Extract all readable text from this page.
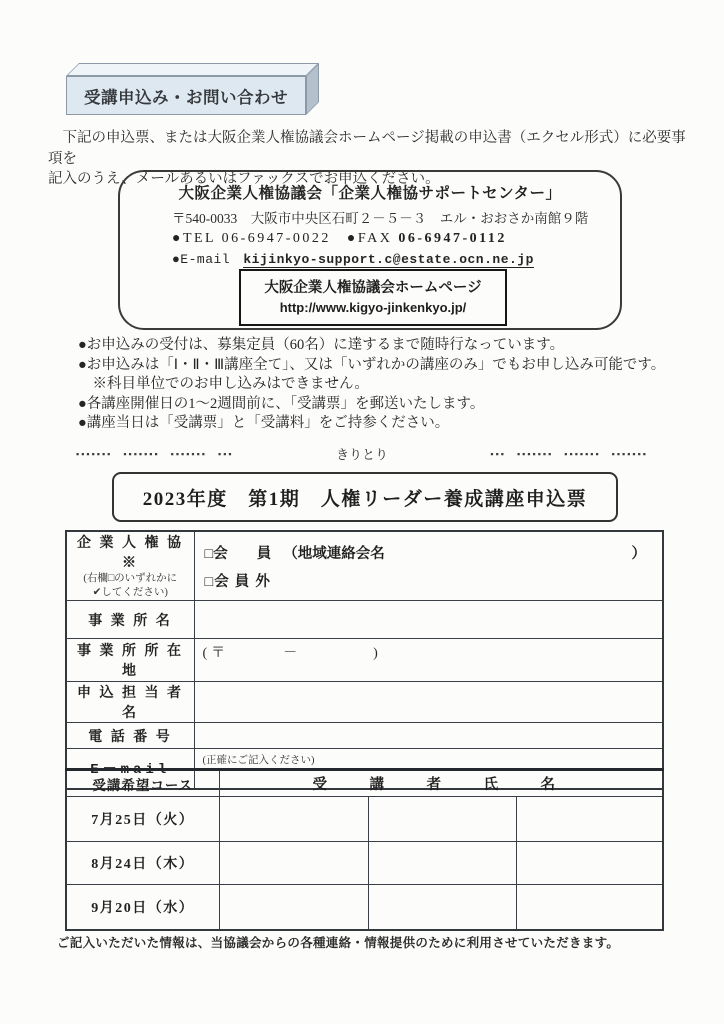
受講申込み・お問い合わせ
下記の申込票、または大阪企業人権協議会ホームページ掲載の申込書（エクセル形式）に必要事項を
記入のうえ、メールあるいはファックスでお申込ください。
大阪企業人権協議会「企業人権協サポートセンター」
〒540-0033　大阪市中央区石町２－５－３　エル・おおさか南館９階
●TEL 06-6947-0022 ●FAX 06-6947-0112
●E-mail kijinkyo-support.c@estate.ocn.ne.jp
大阪企業人権協議会ホームページ
http://www.kigyo-jinkenkyo.jp/
●お申込みの受付は、募集定員（60名）に達するまで随時行なっています。
●お申込みは「Ⅰ・Ⅱ・Ⅲ講座全て」、又は「いずれかの講座のみ」でもお申し込み可能です。
※科目単位でのお申し込みはできません。
●各講座開催日の1～2週間前に、「受講票」を郵送いたします。
●講座当日は「受講票」と「受講料」をご持参ください。
▪▪▪▪▪▪▪　▪▪▪▪▪▪▪　▪▪▪▪▪▪▪　▪▪▪	きりとり	▪▪▪　▪▪▪▪▪▪▪　▪▪▪▪▪▪▪　▪▪▪▪▪▪▪
2023年度　第1期　人権リーダー養成講座申込票
企 業 人 権 協 ※
(右欄□のいずれかに
✔してください)

□会　　員 （地域連絡会名	）
□会 員 外

事 業 所 名	
事 業 所 所 在 地	(〒　　　－　　　　)
申 込 担 当 者 名	
電 話 番 号	
E－mail	(正確にご記入ください)
受講希望コース	受　講　者　氏　名		
7月25日（火）			
8月24日（木）			
9月20日（水）			
ご記入いただいた情報は、当協議会からの各種連絡・情報提供のために利用させていただきます。
